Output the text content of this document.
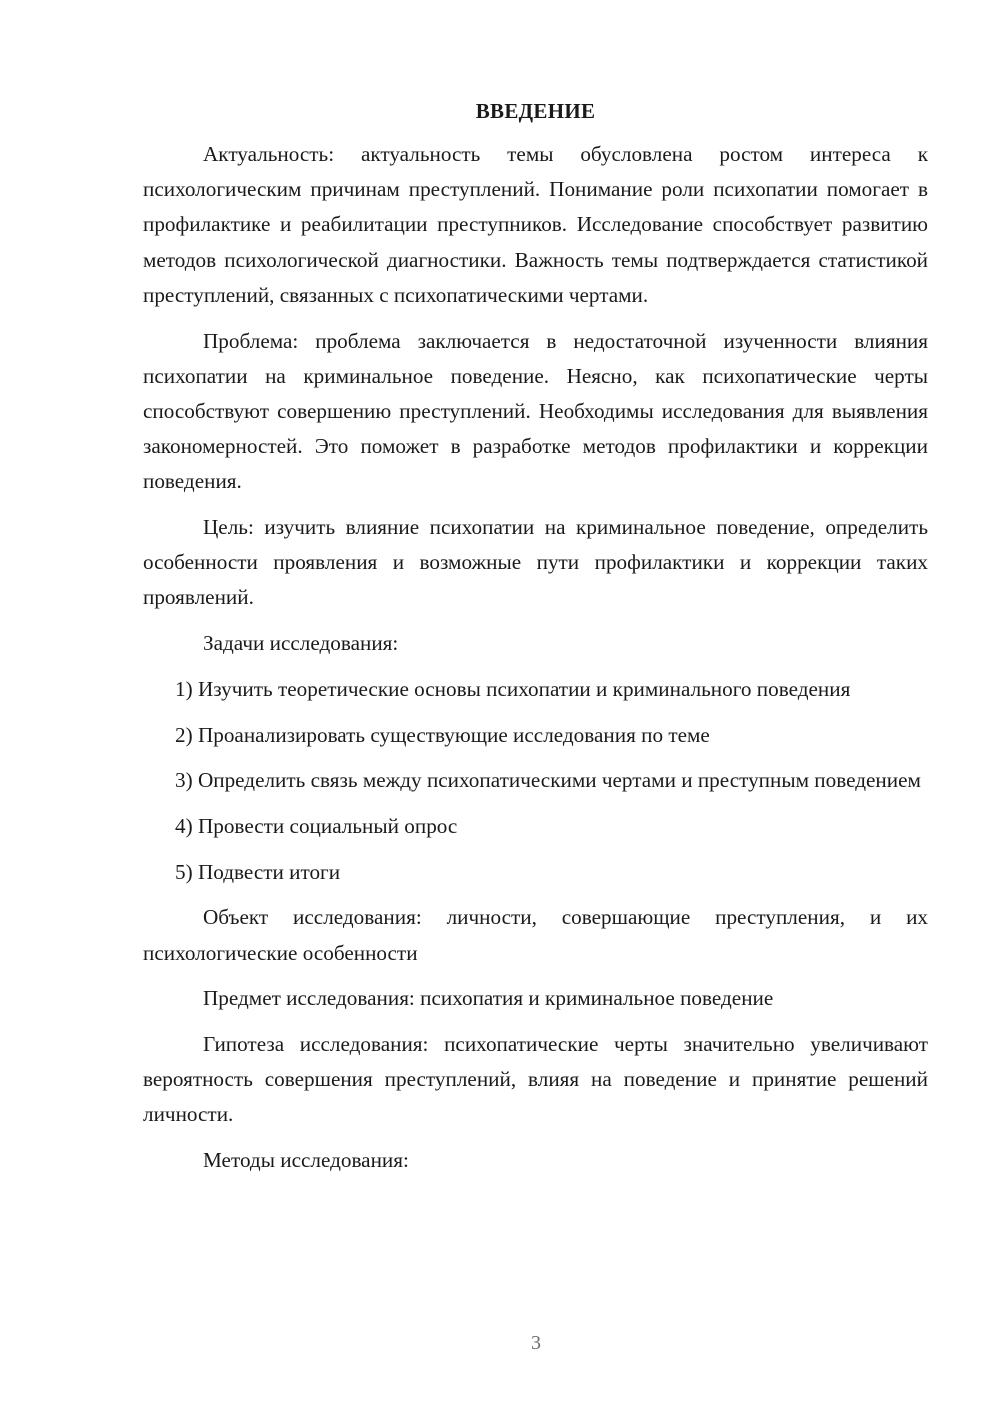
ВВЕДЕНИЕ

Актуальность: актуальность темы обусловлена ростом интереса к психологическим причинам преступлений. Понимание роли психопатии помогает в профилактике и реабилитации преступников. Исследование способствует развитию методов психологической диагностики. Важность темы подтверждается статистикой преступлений, связанных с психопатическими чертами.

Проблема: проблема заключается в недостаточной изученности влияния психопатии на криминальное поведение. Неясно, как психопатические черты способствуют совершению преступлений. Необходимы исследования для выявления закономерностей. Это поможет в разработке методов профилактики и коррекции поведения.

Цель: изучить влияние психопатии на криминальное поведение, определить особенности проявления и возможные пути профилактики и коррекции таких проявлений.

Задачи исследования:

1) Изучить теоретические основы психопатии и криминального поведения

2) Проанализировать существующие исследования по теме

3) Определить связь между психопатическими чертами и преступным поведением

4) Провести социальный опрос

5) Подвести итоги

Объект исследования: личности, совершающие преступления, и их психологические особенности

Предмет исследования: психопатия и криминальное поведение

Гипотеза исследования: психопатические черты значительно увеличивают вероятность совершения преступлений, влияя на поведение и принятие решений личности.

Методы исследования:

3
